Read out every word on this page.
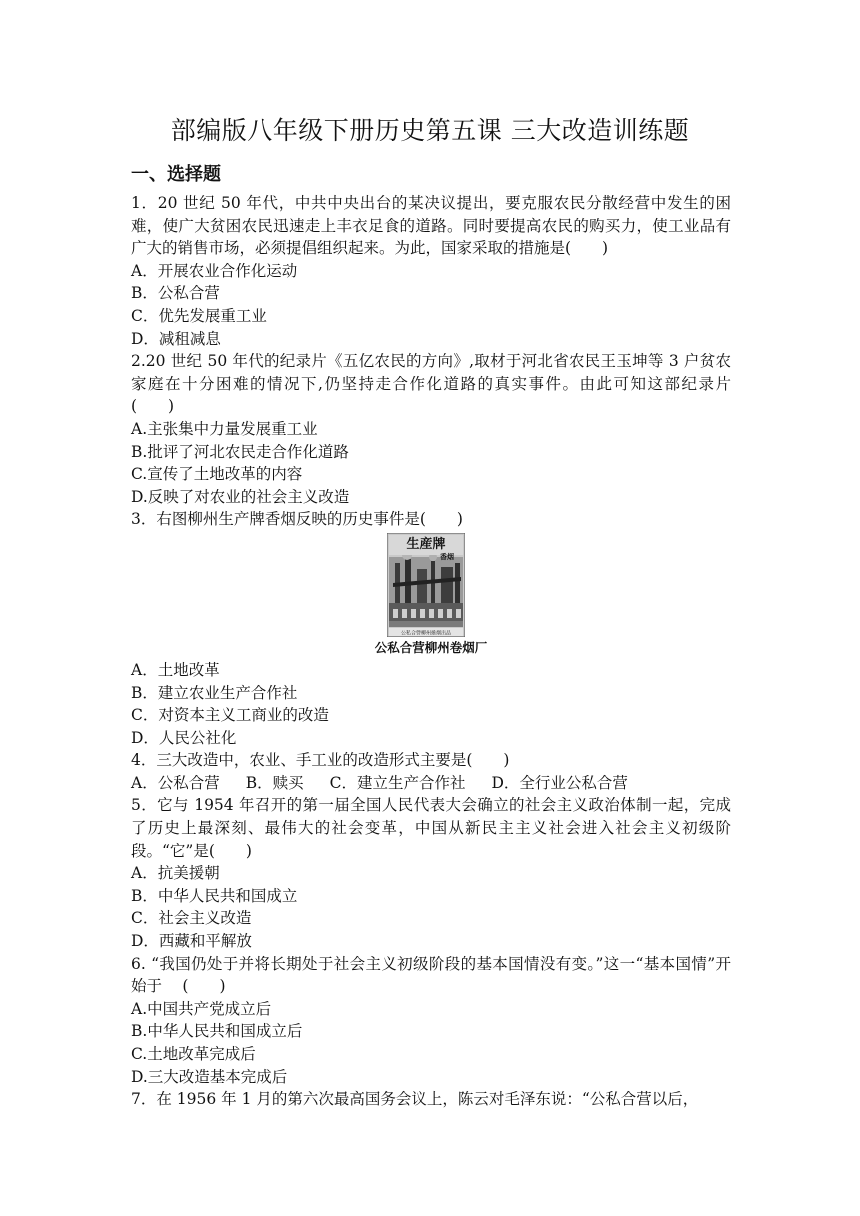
部编版八年级下册历史第五课 三大改造训练题
一、选择题

1．20 世纪 50 年代，中共中央出台的某决议提出，要克服农民分散经营中发生的困难，使广大贫困农民迅速走上丰衣足食的道路。同时要提高农民的购买力，使工业品有广大的销售市场，必须提倡组织起来。为此，国家采取的措施是(　　)

A．开展农业合作化运动

B．公私合营

C．优先发展重工业

D．减租减息

2.20 世纪 50 年代的纪录片《五亿农民的方向》,取材于河北省农民王玉坤等 3 户贫农家庭在十分困难的情况下,仍坚持走合作化道路的真实事件。由此可知这部纪录片　(　　)

A.主张集中力量发展重工业

B.批评了河北农民走合作化道路

C.宣传了土地改革的内容

D.反映了对农业的社会主义改造

3．右图柳州生产牌香烟反映的历史事件是(　　)

生産牌
香烟
公私合營柳州捲烟出品
公私合营柳州卷烟厂

A．土地改革

B．建立农业生产合作社

C．对资本主义工商业的改造

D．人民公社化

4．三大改造中，农业、手工业的改造形式主要是(　　)

A．公私合营 B．赎买 C．建立生产合作社 D．全行业公私合营

5．它与 1954 年召开的第一届全国人民代表大会确立的社会主义政治体制一起，完成了历史上最深刻、最伟大的社会变革，中国从新民主主义社会进入社会主义初级阶段。“它”是(　　)

A．抗美援朝

B．中华人民共和国成立

C．社会主义改造

D．西藏和平解放

6. “我国仍处于并将长期处于社会主义初级阶段的基本国情没有变。”这一“基本国情”开始于　 (　　)

A.中国共产党成立后

B.中华人民共和国成立后

C.土地改革完成后

D.三大改造基本完成后

7．在 1956 年 1 月的第六次最高国务会议上，陈云对毛泽东说：“公私合营以后，
